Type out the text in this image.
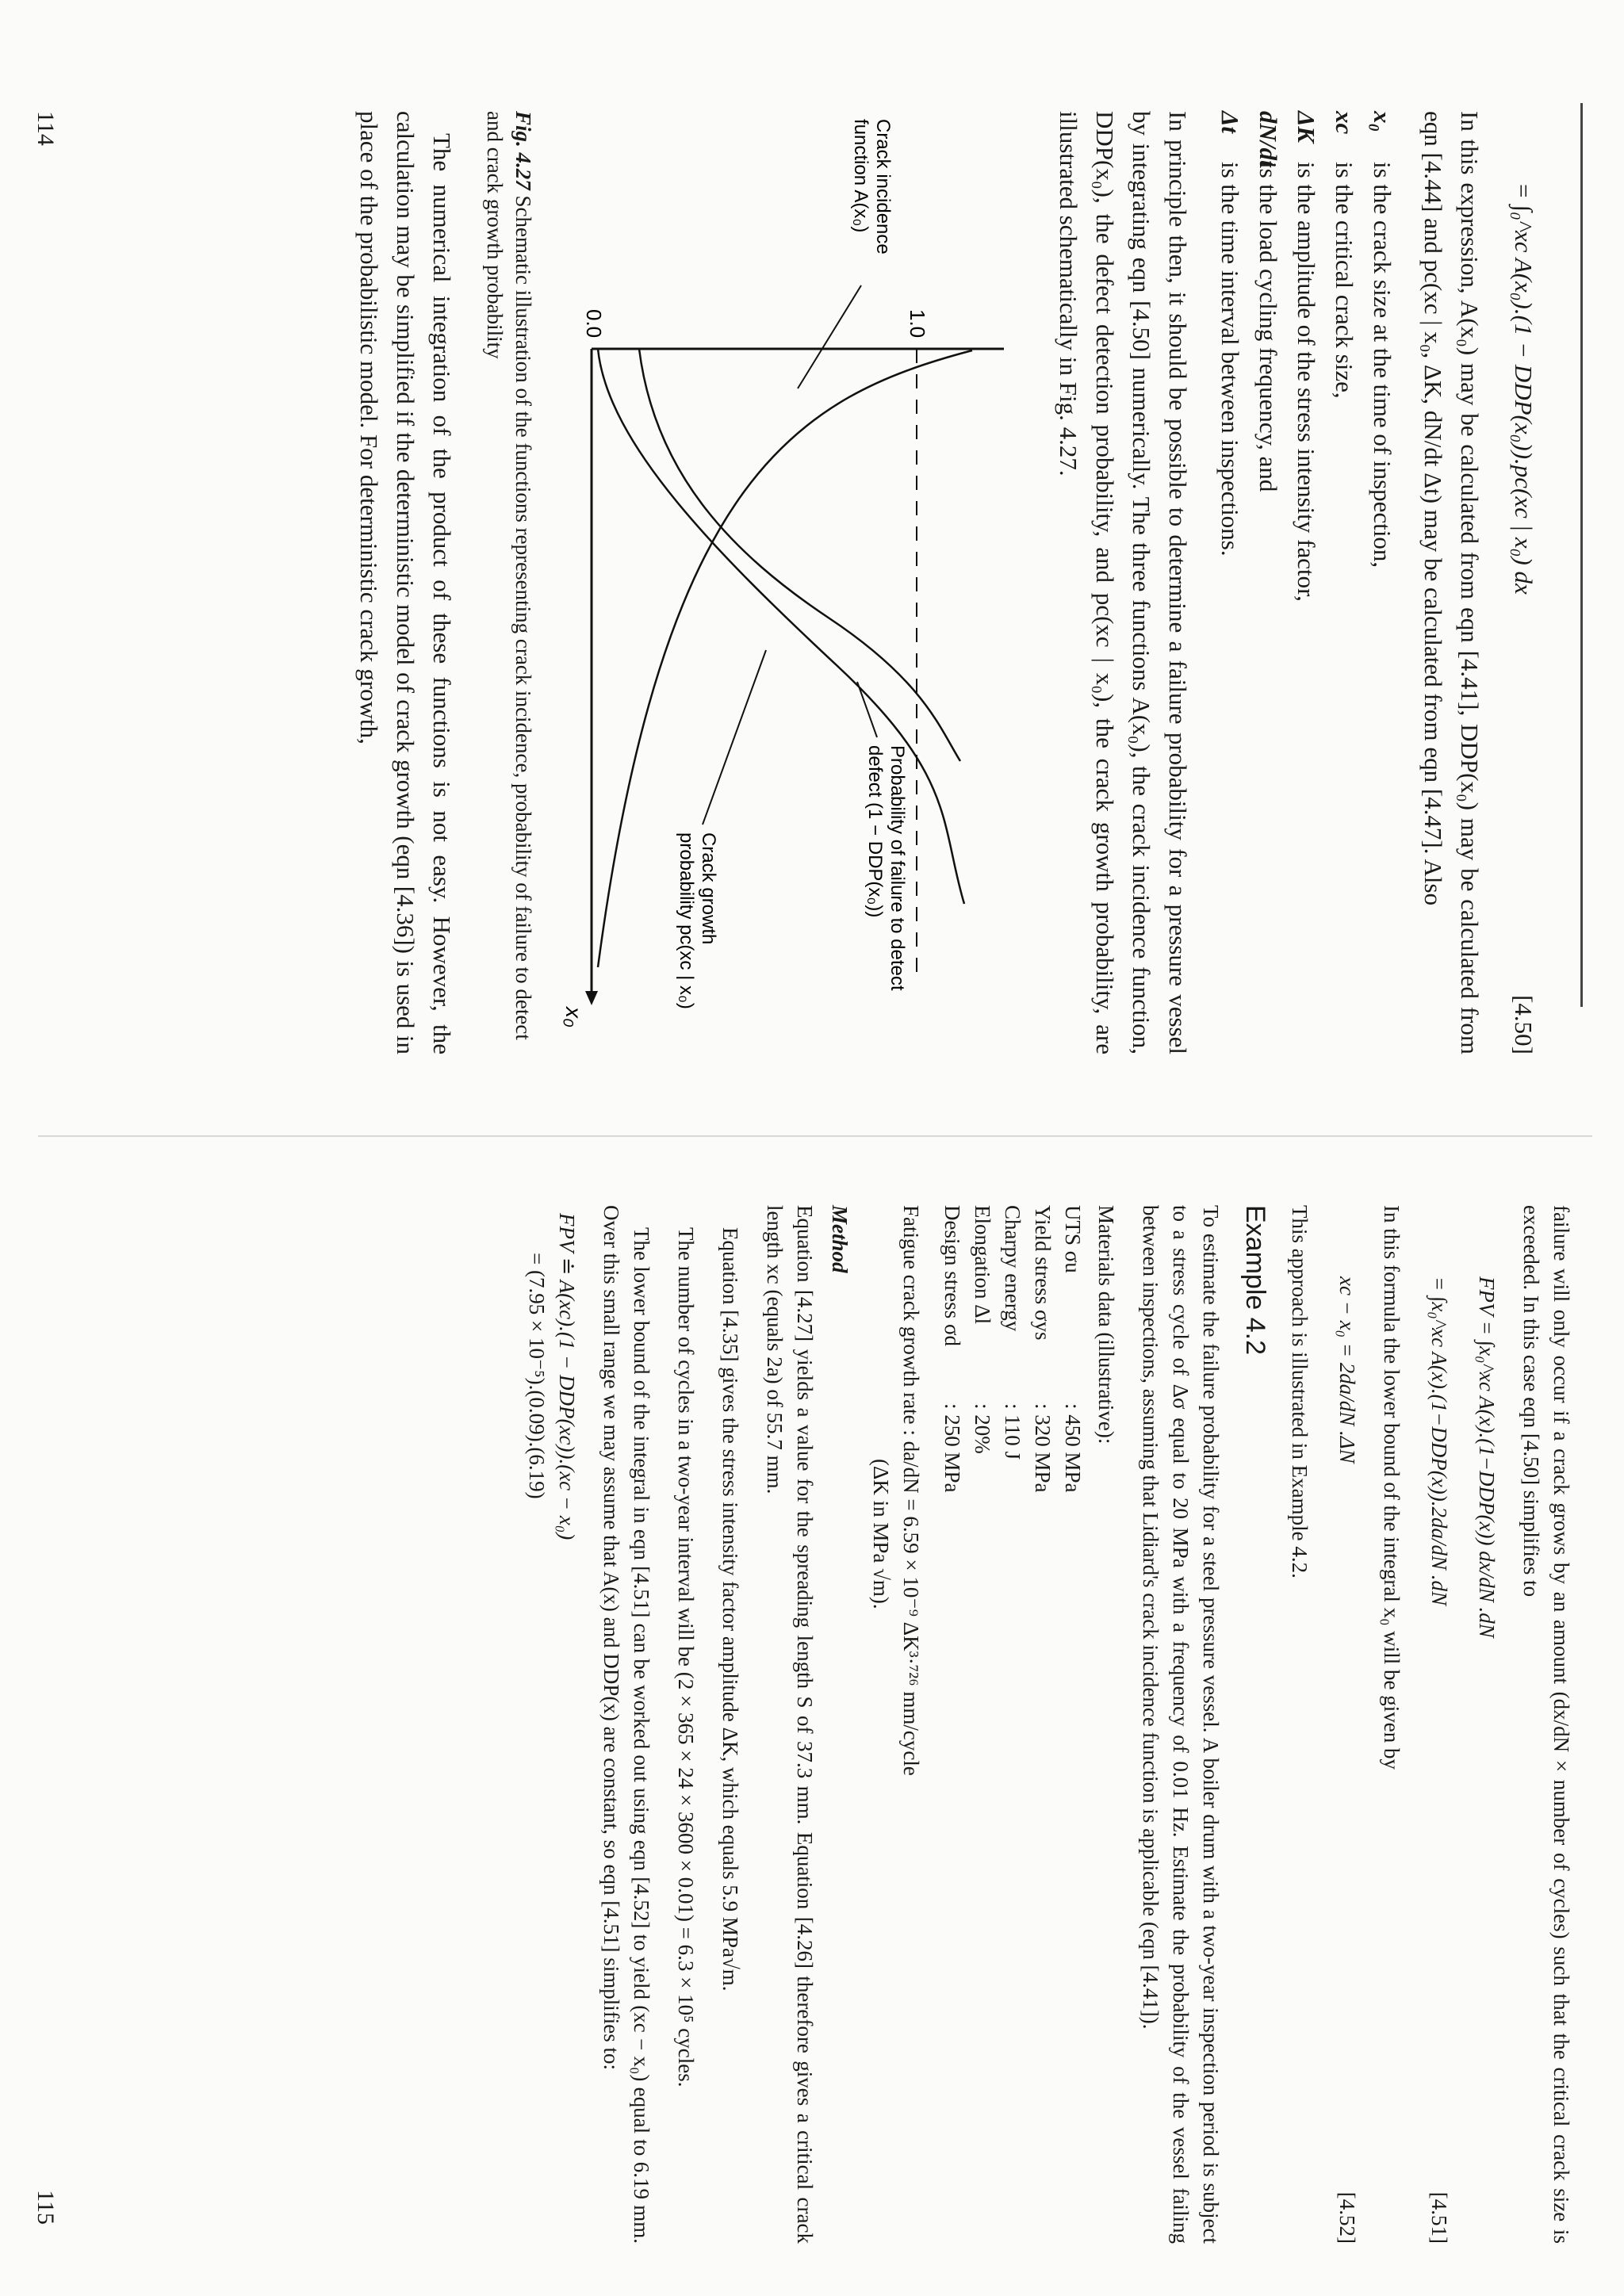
= ∫₀^xc A(x₀).(1 − DDP(x₀)).pc(xc | x₀) dx
[4.50]

In this expression, A(x₀) may be calculated from eqn [4.41], DDP(x₀) may be calculated from eqn [4.44] and pc(xc | x₀, ΔK, dN/dt Δt) may be calculated from eqn [4.47]. Also

x₀
is the crack size at the time of inspection,
xc
is the critical crack size,
ΔK
is the amplitude of the stress intensity factor,
dN/dt
is the load cycling frequency, and
Δt
is the time interval between inspections.

In principle then, it should be possible to determine a failure probability for a pressure vessel by integrating eqn [4.50] numerically. The three functions A(x₀), the crack incidence function, DDP(x₀), the defect detection probability, and pc(xc | x₀), the crack growth probability, are illustrated schematically in Fig. 4.27.

1.0
0.0
x₀
Probability of failure to detect
defect (1 − DDP(x₀))
Crack growth
probability pc(xc | x₀)
Crack incidence
function A(x₀)
Fig. 4.27 Schematic illustration of the functions representing crack incidence, probability of failure to detect and crack growth probability

The numerical integration of the product of these functions is not easy. However, the calculation may be simplified if the deterministic model of crack growth (eqn [4.36]) is used in place of the probabilistic model. For deterministic crack growth,

114

failure will only occur if a crack grows by an amount (dx/dN × number of cycles) such that the critical crack size is exceeded. In this case eqn [4.50] simplifies to

FPV = ∫x₀^xc A(x).(1−DDP(x)) dx/dN .dN
= ∫x₀^xc A(x).(1−DDP(x)).2da/dN .dN
[4.51]

In this formula the lower bound of the integral x₀ will be given by

xc − x₀ = 2da/dN .ΔN
[4.52]

This approach is illustrated in Example 4.2.

Example 4.2

To estimate the failure probability for a steel pressure vessel. A boiler drum with a two-year inspection period is subject to a stress cycle of Δσ equal to 20 MPa with a frequency of 0.01 Hz. Estimate the probability of the vessel failing between inspections, assuming that Lidiard's crack incidence function is applicable (eqn [4.41]).

Materials data (illustrative):
UTS σu
: 450 MPa
Yield stress σys
: 320 MPa
Charpy energy
: 110 J
Elongation Δl
: 20%
Design stress σd
: 250 MPa
Fatigue crack growth rate : da/dN = 6.59 × 10⁻⁹ ΔK³·⁷²⁶ mm/cycle
(ΔK in MPa √m).
Method

Equation [4.27] yields a value for the spreading length S of 37.3 mm. Equation [4.26] therefore gives a critical crack length xc (equals 2a) of 55.7 mm.

Equation [4.35] gives the stress intensity factor amplitude ΔK, which equals 5.9 MPa√m.

The number of cycles in a two-year interval will be (2 × 365 × 24 × 3600 × 0.01) = 6.3 × 10⁵ cycles.

The lower bound of the integral in eqn [4.51] can be worked out using eqn [4.52] to yield (xc − x₀) equal to 6.19 mm. Over this small range we may assume that A(x) and DDP(x) are constant, so eqn [4.51] simplifies to:

FPV ≐ A(xc).(1 − DDP(xc)).(xc − x₀)
= (7.95 × 10⁻⁵).(0.09).(6.19)
115
